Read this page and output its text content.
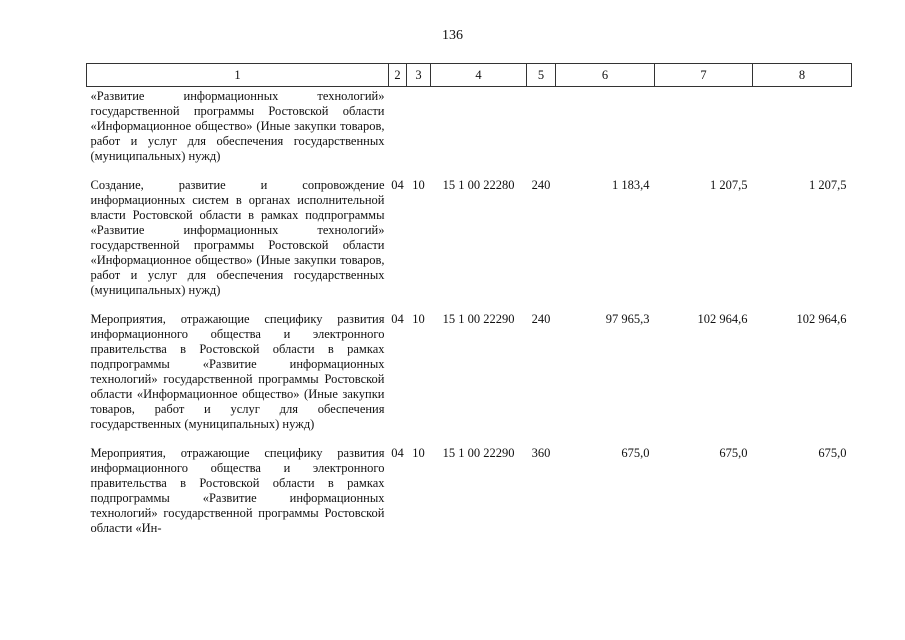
136
1	2	3	4	5	6	7	8
«Развитие информационных технологий» государственной программы Ростовской области «Информационное общество» (Иные закупки товаров, работ и услуг для обеспечения государственных (муниципальных) нужд)							
Создание, развитие и сопровождение информационных систем в органах исполнительной власти Ростовской области в рамках подпрограммы «Развитие информационных технологий» государственной программы Ростовской области «Информационное общество» (Иные закупки товаров, работ и услуг для обеспечения государственных (муниципальных) нужд)	04	10	15 1 00 22280	240	1 183,4	1 207,5	1 207,5
Мероприятия, отражающие специфику развития информационного общества и электронного правительства в Ростовской области в рамках подпрограммы «Развитие информационных технологий» государственной программы Ростовской области «Информационное общество» (Иные закупки товаров, работ и услуг для обеспечения государственных (муниципальных) нужд)	04	10	15 1 00 22290	240	97 965,3	102 964,6	102 964,6
Мероприятия, отражающие специфику развития информационного общества и электронного правительства в Ростовской области в рамках подпрограммы «Развитие информационных технологий» государственной программы Ростовской области «Ин-	04	10	15 1 00 22290	360	675,0	675,0	675,0
